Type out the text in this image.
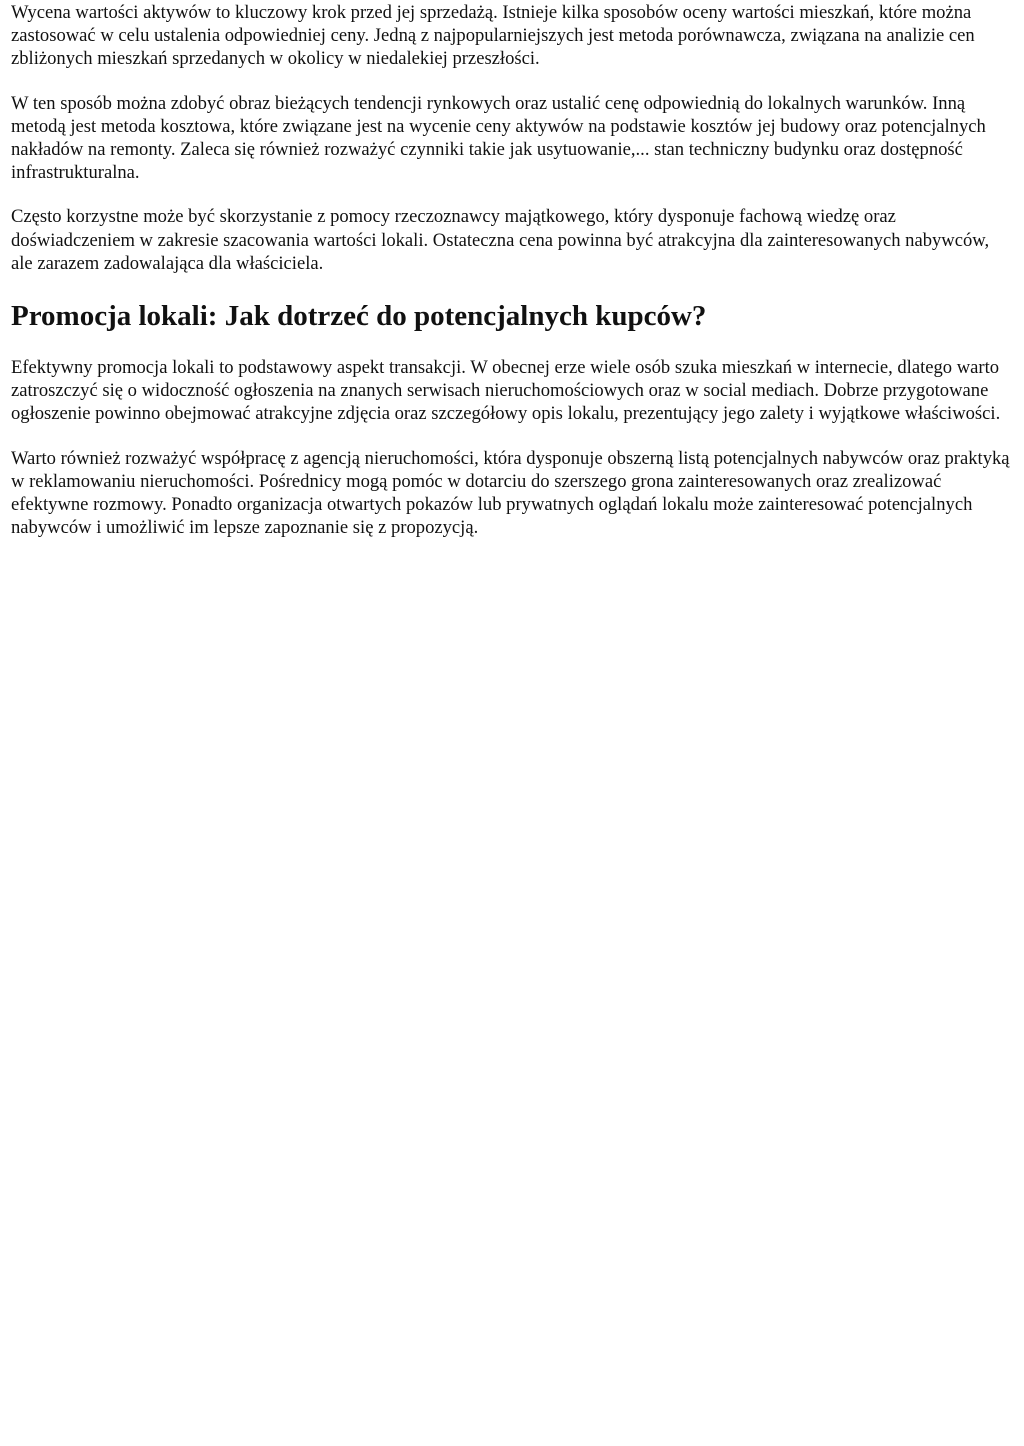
Wycena wartości aktywów to kluczowy krok przed jej sprzedażą. Istnieje kilka sposobów oceny wartości mieszkań, które można zastosować w celu ustalenia odpowiedniej ceny. Jedną z najpopularniejszych jest metoda porównawcza, związana na analizie cen zbliżonych mieszkań sprzedanych w okolicy w niedalekiej przeszłości.

W ten sposób można zdobyć obraz bieżących tendencji rynkowych oraz ustalić cenę odpowiednią do lokalnych warunków. Inną metodą jest metoda kosztowa, które związane jest na wycenie ceny aktywów na podstawie kosztów jej budowy oraz potencjalnych nakładów na remonty. Zaleca się również rozważyć czynniki takie jak usytuowanie,... stan techniczny budynku oraz dostępność infrastrukturalna.

Często korzystne może być skorzystanie z pomocy rzeczoznawcy majątkowego, który dysponuje fachową wiedzę oraz doświadczeniem w zakresie szacowania wartości lokali. Ostateczna cena powinna być atrakcyjna dla zainteresowanych nabywców, ale zarazem zadowalająca dla właściciela.

Promocja lokali: Jak dotrzeć do potencjalnych kupców?

Efektywny promocja lokali to podstawowy aspekt transakcji. W obecnej erze wiele osób szuka mieszkań w internecie, dlatego warto zatroszczyć się o widoczność ogłoszenia na znanych serwisach nieruchomościowych oraz w social mediach. Dobrze przygotowane ogłoszenie powinno obejmować atrakcyjne zdjęcia oraz szczegółowy opis lokalu, prezentujący jego zalety i wyjątkowe właściwości.

Warto również rozważyć współpracę z agencją nieruchomości, która dysponuje obszerną listą potencjalnych nabywców oraz praktyką w reklamowaniu nieruchomości. Pośrednicy mogą pomóc w dotarciu do szerszego grona zainteresowanych oraz zrealizować efektywne rozmowy. Ponadto organizacja otwartych pokazów lub prywatnych oglądań lokalu może zainteresować potencjalnych nabywców i umożliwić im lepsze zapoznanie się z propozycją.
